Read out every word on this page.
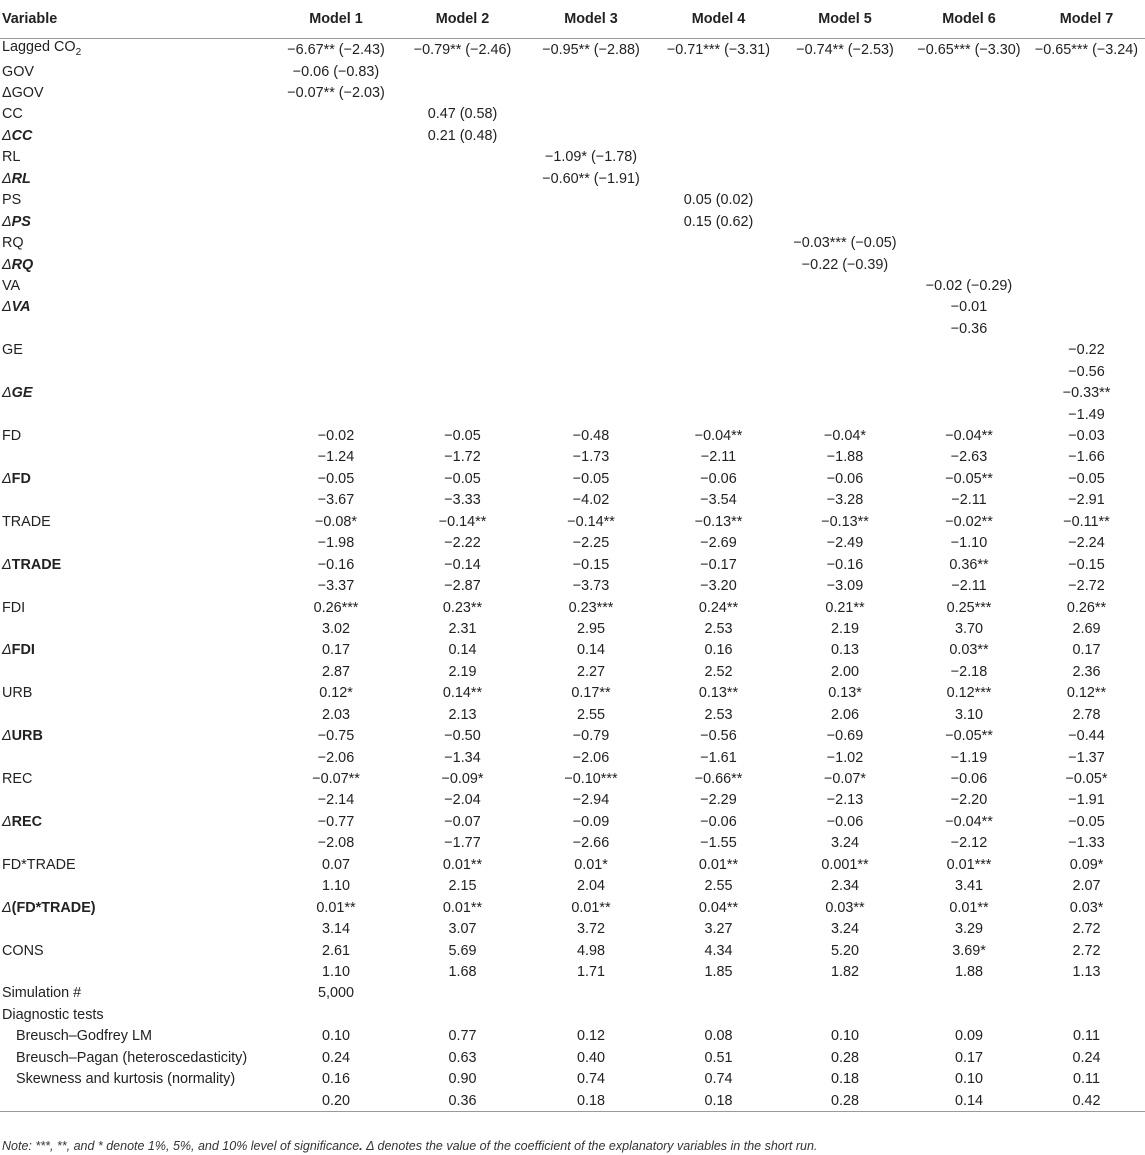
Variable	Model 1	Model 2	Model 3	Model 4	Model 5	Model 6	Model 7
Lagged $CO_2$	−6.67** (−2.43)	−0.79** (−2.46)	−0.95** (−2.88)	−0.71*** (−3.31)	−0.74** (−2.53)	−0.65*** (−3.30)	−0.65*** (−3.24)
GOV	−0.06 (−0.83)						
ΔGOV	−0.07** (−2.03)						
CC		0.47 (0.58)					
ΔCC		0.21 (0.48)					
RL			−1.09* (−1.78)				
ΔRL			−0.60** (−1.91)				
PS				0.05 (0.02)			
ΔPS				0.15 (0.62)			
RQ					−0.03*** (−0.05)		
ΔRQ					−0.22 (−0.39)		
VA						−0.02 (−0.29)	
ΔVA						−0.01	
						−0.36	
GE							−0.22
							−0.56
ΔGE							−0.33**
							−1.49
FD	−0.02	−0.05	−0.48	−0.04**	−0.04*	−0.04**	−0.03
	−1.24	−1.72	−1.73	−2.11	−1.88	−2.63	−1.66
ΔFD	−0.05	−0.05	−0.05	−0.06	−0.06	−0.05**	−0.05
	−3.67	−3.33	−4.02	−3.54	−3.28	−2.11	−2.91
TRADE	−0.08*	−0.14**	−0.14**	−0.13**	−0.13**	−0.02**	−0.11**
	−1.98	−2.22	−2.25	−2.69	−2.49	−1.10	−2.24
ΔTRADE	−0.16	−0.14	−0.15	−0.17	−0.16	0.36**	−0.15
	−3.37	−2.87	−3.73	−3.20	−3.09	−2.11	−2.72
FDI	0.26***	0.23**	0.23***	0.24**	0.21**	0.25***	0.26**
	3.02	2.31	2.95	2.53	2.19	3.70	2.69
ΔFDI	0.17	0.14	0.14	0.16	0.13	0.03**	0.17
	2.87	2.19	2.27	2.52	2.00	−2.18	2.36
URB	0.12*	0.14**	0.17**	0.13**	0.13*	0.12***	0.12**
	2.03	2.13	2.55	2.53	2.06	3.10	2.78
ΔURB	−0.75	−0.50	−0.79	−0.56	−0.69	−0.05**	−0.44
	−2.06	−1.34	−2.06	−1.61	−1.02	−1.19	−1.37
REC	−0.07**	−0.09*	−0.10***	−0.66**	−0.07*	−0.06	−0.05*
	−2.14	−2.04	−2.94	−2.29	−2.13	−2.20	−1.91
ΔREC	−0.77	−0.07	−0.09	−0.06	−0.06	−0.04**	−0.05
	−2.08	−1.77	−2.66	−1.55	3.24	−2.12	−1.33
FD*TRADE	0.07	0.01**	0.01*	0.01**	0.001**	0.01***	0.09*
	1.10	2.15	2.04	2.55	2.34	3.41	2.07
Δ(FD*TRADE)	0.01**	0.01**	0.01**	0.04**	0.03**	0.01**	0.03*
	3.14	3.07	3.72	3.27	3.24	3.29	2.72
CONS	2.61	5.69	4.98	4.34	5.20	3.69*	2.72
	1.10	1.68	1.71	1.85	1.82	1.88	1.13
Simulation #	5,000						
Diagnostic tests							
Breusch–Godfrey LM	0.10	0.77	0.12	0.08	0.10	0.09	0.11
Breusch–Pagan (heteroscedasticity)	0.24	0.63	0.40	0.51	0.28	0.17	0.24
Skewness and kurtosis (normality)	0.16	0.90	0.74	0.74	0.18	0.10	0.11
	0.20	0.36	0.18	0.18	0.28	0.14	0.42
Note: ***, **, and * denote 1%, 5%, and 10% level of significance. Δ denotes the value of the coefficient of the explanatory variables in the short run.
